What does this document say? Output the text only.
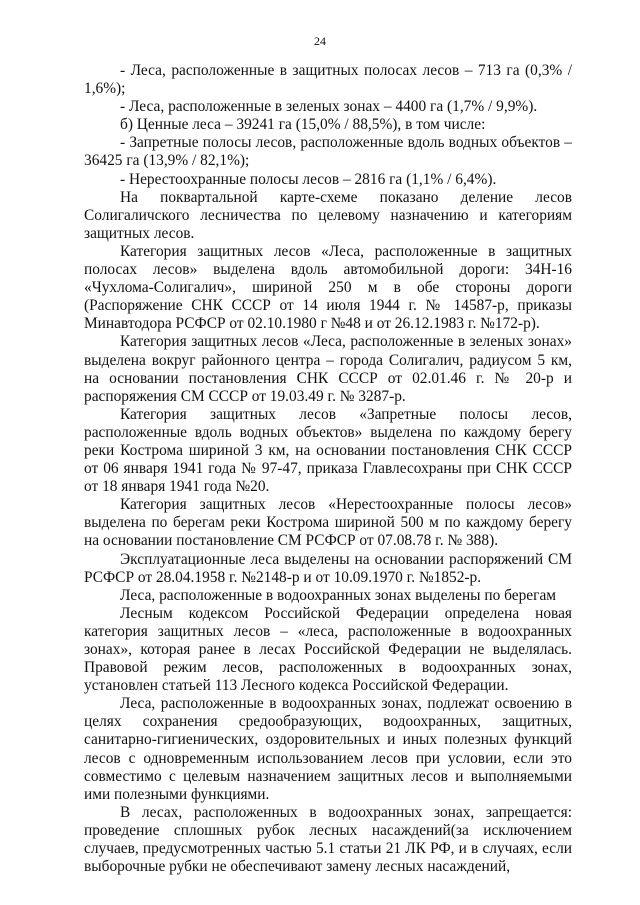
24

- Леса, расположенные в защитных полосах лесов – 713 га (0,3% / 1,6%);

- Леса, расположенные в зеленых зонах – 4400 га (1,7% / 9,9%).

б) Ценные леса – 39241 га (15,0% / 88,5%), в том числе:

- Запретные полосы лесов, расположенные вдоль водных объектов – 36425 га (13,9% / 82,1%);

- Нерестоохранные полосы лесов – 2816 га (1,1% / 6,4%).

На поквартальной карте-схеме показано деление лесов Солигаличского лесничества по целевому назначению и категориям защитных лесов.

Категория защитных лесов «Леса, расположенные в защитных полосах лесов» выделена вдоль автомобильной дороги: 34Н-16 «Чухлома-Солигалич», шириной 250 м в обе стороны дороги (Распоряжение СНК СССР от 14 июля 1944 г. № 14587-р, приказы Минавтодора РСФСР от 02.10.1980 г №48 и от 26.12.1983 г. №172-р).

Категория защитных лесов «Леса, расположенные в зеленых зонах» выделена вокруг районного центра – города Солигалич, радиусом 5 км, на основании постановления СНК СССР от 02.01.46 г. № 20-р и распоряжения СМ СССР от 19.03.49 г. № 3287-р.

Категория защитных лесов «Запретные полосы лесов, расположенные вдоль водных объектов» выделена по каждому берегу реки Кострома шириной 3 км, на основании постановления СНК СССР от 06 января 1941 года № 97-47, приказа Главлесохраны при СНК СССР от 18 января 1941 года №20.

Категория защитных лесов «Нерестоохранные полосы лесов» выделена по берегам реки Кострома шириной 500 м по каждому берегу на основании постановление СМ РСФСР от 07.08.78 г. № 388).

Эксплуатационные леса выделены на основании распоряжений СМ РСФСР от 28.04.1958 г. №2148-р и от 10.09.1970 г. №1852-р.

Леса, расположенные в водоохранных зонах выделены по берегам

Лесным кодексом Российской Федерации определена новая категория защитных лесов – «леса, расположенные в водоохранных зонах», которая ранее в лесах Российской Федерации не выделялась. Правовой режим лесов, расположенных в водоохранных зонах, установлен статьей 113 Лесного кодекса Российской Федерации.

Леса, расположенные в водоохранных зонах, подлежат освоению в целях сохранения средообразующих, водоохранных, защитных, санитарно-гигиенических, оздоровительных и иных полезных функций лесов с одновременным использованием лесов при условии, если это совместимо с целевым назначением защитных лесов и выполняемыми ими полезными функциями.

В лесах, расположенных в водоохранных зонах, запрещается: проведение сплошных рубок лесных насаждений(за исключением случаев, предусмотренных частью 5.1 статьи 21 ЛК РФ, и в случаях, если выборочные рубки не обеспечивают замену лесных насаждений,
